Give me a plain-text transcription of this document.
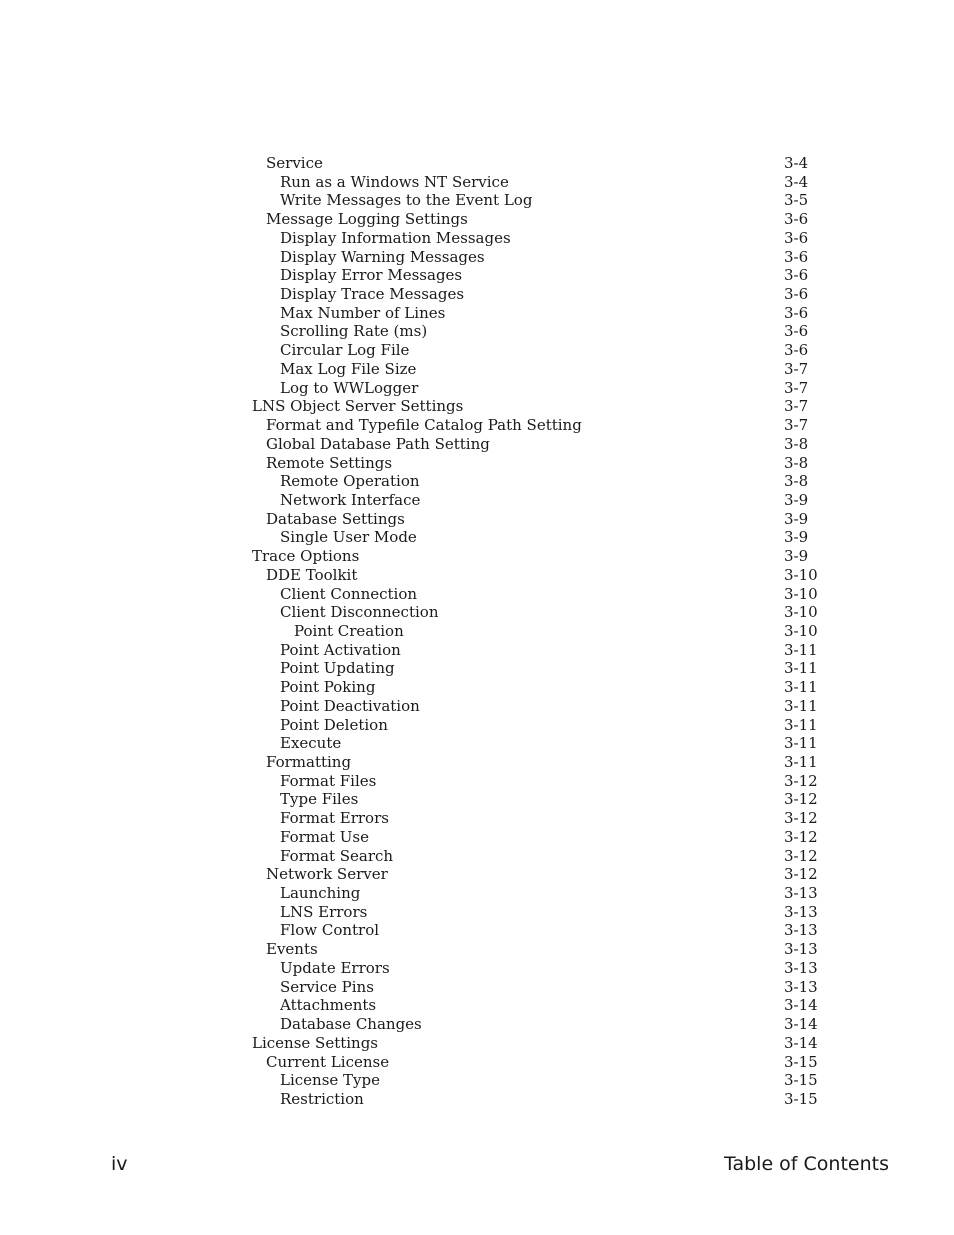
Service	3-4
Run as a Windows NT Service	3-4
Write Messages to the Event Log	3-5
Message Logging Settings	3-6
Display Information Messages	3-6
Display Warning Messages	3-6
Display Error Messages	3-6
Display Trace Messages	3-6
Max Number of Lines	3-6
Scrolling Rate (ms)	3-6
Circular Log File	3-6
Max Log File Size	3-7
Log to WWLogger	3-7
LNS Object Server Settings	3-7
Format and Typefile Catalog Path Setting	3-7
Global Database Path Setting	3-8
Remote Settings	3-8
Remote Operation	3-8
Network Interface	3-9
Database Settings	3-9
Single User Mode	3-9
Trace Options	3-9
DDE Toolkit	3-10
Client Connection	3-10
Client Disconnection	3-10
Point Creation	3-10
Point Activation	3-11
Point Updating	3-11
Point Poking	3-11
Point Deactivation	3-11
Point Deletion	3-11
Execute	3-11
Formatting	3-11
Format Files	3-12
Type Files	3-12
Format Errors	3-12
Format Use	3-12
Format Search	3-12
Network Server	3-12
Launching	3-13
LNS Errors	3-13
Flow Control	3-13
Events	3-13
Update Errors	3-13
Service Pins	3-13
Attachments	3-14
Database Changes	3-14
License Settings	3-14
Current License	3-15
License Type	3-15
Restriction	3-15
iv	Table of Contents
